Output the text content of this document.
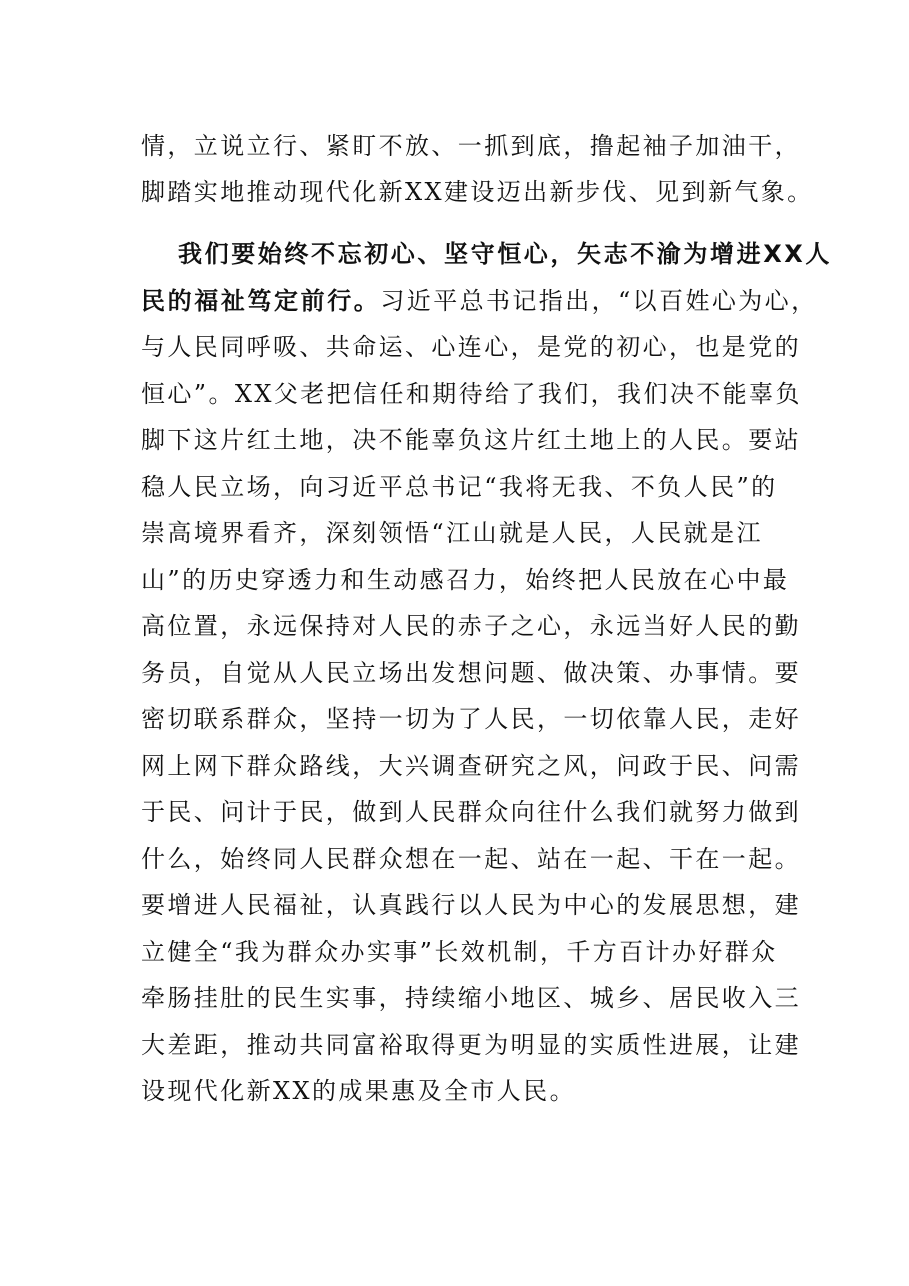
情，立说立行、紧盯不放、一抓到底，撸起袖子加油干，
脚踏实地推动现代化新XX建设迈出新步伐、见到新气象。
我们要始终不忘初心、坚守恒心，矢志不渝为增进XX人
民的福祉笃定前行。习近平总书记指出，“以百姓心为心，
与人民同呼吸、共命运、心连心，是党的初心，也是党的
恒心”。XX父老把信任和期待给了我们，我们决不能辜负
脚下这片红土地，决不能辜负这片红土地上的人民。要站
稳人民立场，向习近平总书记“我将无我、不负人民”的
崇高境界看齐，深刻领悟“江山就是人民，人民就是江
山”的历史穿透力和生动感召力，始终把人民放在心中最
高位置，永远保持对人民的赤子之心，永远当好人民的勤
务员，自觉从人民立场出发想问题、做决策、办事情。要
密切联系群众，坚持一切为了人民，一切依靠人民，走好
网上网下群众路线，大兴调查研究之风，问政于民、问需
于民、问计于民，做到人民群众向往什么我们就努力做到
什么，始终同人民群众想在一起、站在一起、干在一起。
要增进人民福祉，认真践行以人民为中心的发展思想，建
立健全“我为群众办实事”长效机制，千方百计办好群众
牵肠挂肚的民生实事，持续缩小地区、城乡、居民收入三
大差距，推动共同富裕取得更为明显的实质性进展，让建
设现代化新XX的成果惠及全市人民。
